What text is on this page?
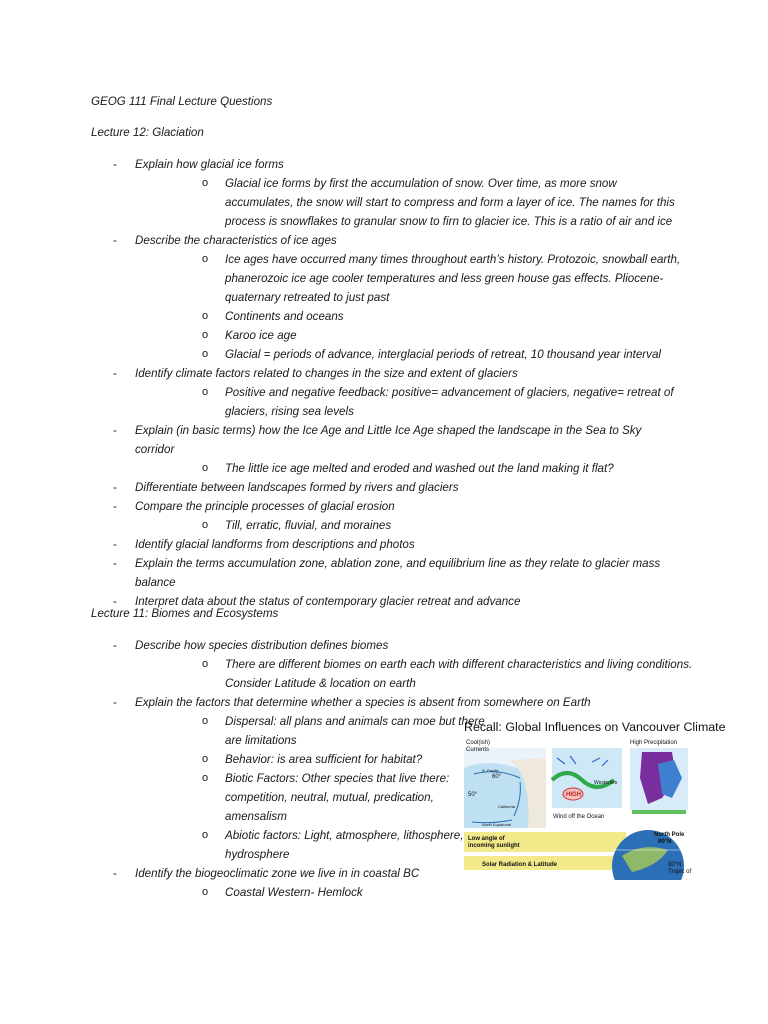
GEOG 111 Final Lecture Questions
Lecture 12: Glaciation
- Explain how glacial ice forms
o Glacial ice forms by first the accumulation of snow. Over time, as more snow accumulates, the snow will start to compress and form a layer of ice. The names for this process is snowflakes to granular snow to firn to glacier ice. This is a ratio of air and ice
- Describe the characteristics of ice ages
o Ice ages have occurred many times throughout earth’s history. Protozoic, snowball earth, phanerozoic ice age cooler temperatures and less green house gas effects. Pliocene-quaternary retreated to just past
o Continents and oceans
o Karoo ice age
o Glacial = periods of advance, interglacial periods of retreat, 10 thousand year interval
- Identify climate factors related to changes in the size and extent of glaciers
o Positive and negative feedback: positive= advancement of glaciers, negative= retreat of glaciers, rising sea levels
- Explain (in basic terms) how the Ice Age and Little Ice Age shaped the landscape in the Sea to Sky corridor
o The little ice age melted and eroded and washed out the land making it flat?
- Differentiate between landscapes formed by rivers and glaciers
- Compare the principle processes of glacial erosion
o Till, erratic, fluvial, and moraines
- Identify glacial landforms from descriptions and photos
- Explain the terms accumulation zone, ablation zone, and equilibrium line as they relate to glacier mass balance
- Interpret data about the status of contemporary glacier retreat and advance
Lecture 11: Biomes and Ecosystems
- Describe how species distribution defines biomes
o There are different biomes on earth each with different characteristics and living conditions. Consider Latitude & location on earth
- Explain the factors that determine whether a species is absent from somewhere on Earth
o Dispersal: all plans and animals can moe but there are limitations
o Behavior: is area sufficient for habitat?
o Biotic Factors: Other species that live there: competition, neutral, mutual, predication, amensalism
o Abiotic factors: Light, atmosphere, lithosphere, hydrosphere
- Identify the biogeoclimatic zone we live in in coastal BC
o Coastal Western- Hemlock
Recall: Global Influences on Vancouver Climate
Cool(ish)
Currents
60°
50°
N. Pacific
California
North Equatorial
HIGH
Westerlies
Wind off the Ocean
High Precipitation
Low angle of
incoming sunlight
Solar Radiation & Latitude
North Pole
90°N
30°N
Tropic of
